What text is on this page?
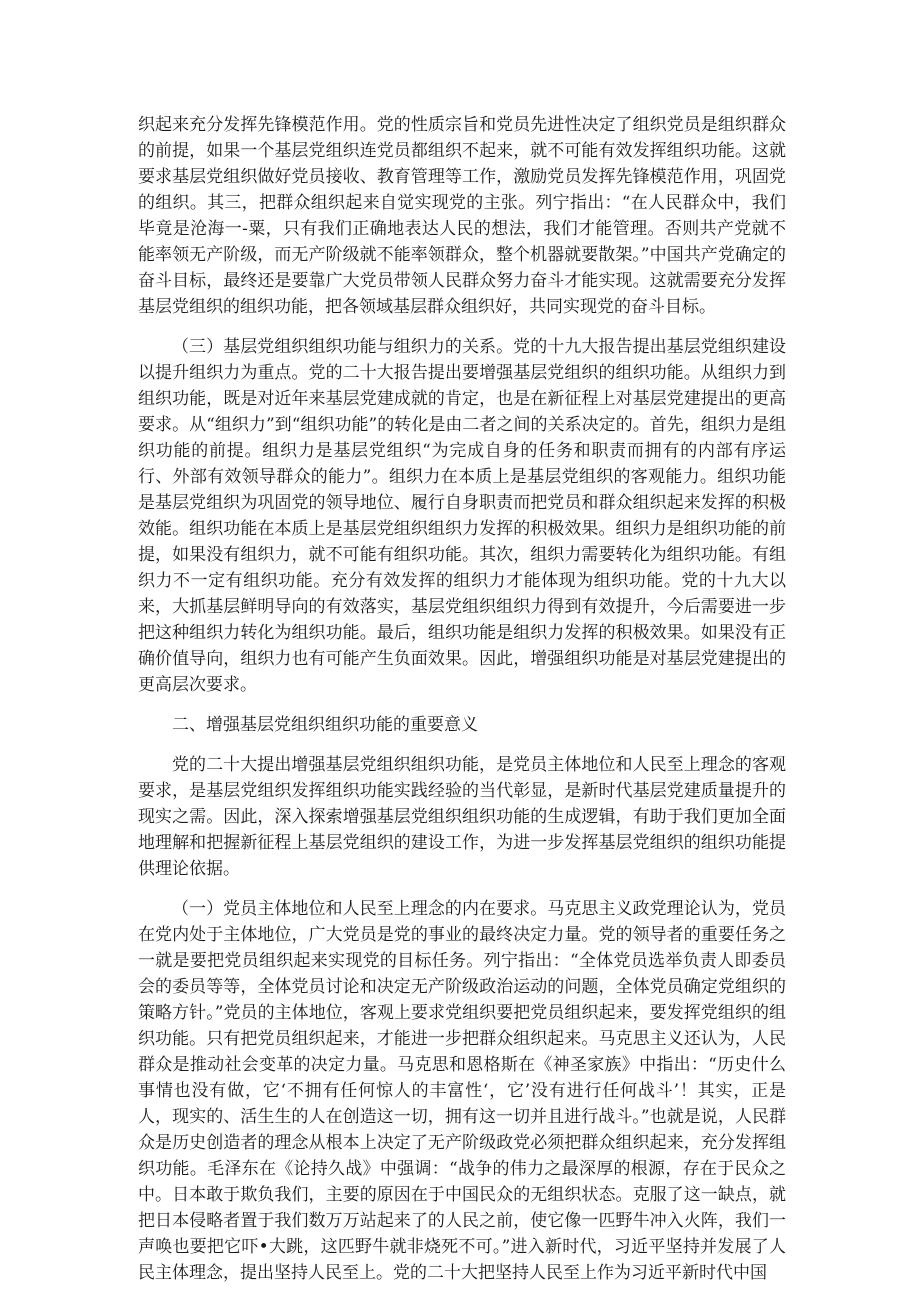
织起来充分发挥先锋模范作用。党的性质宗旨和党员先进性决定了组织党员是组织群众的前提，如果一个基层党组织连党员都组织不起来，就不可能有效发挥组织功能。这就要求基层党组织做好党员接收、教育管理等工作，激励党员发挥先锋模范作用，巩固党的组织。其三，把群众组织起来自觉实现党的主张。列宁指出：“在人民群众中，我们毕竟是沧海一-粟，只有我们正确地表达人民的想法，我们才能管理。否则共产党就不能率领无产阶级，而无产阶级就不能率领群众，整个机器就要散架。”中国共产党确定的奋斗目标，最终还是要靠广大党员带领人民群众努力奋斗才能实现。这就需要充分发挥基层党组织的组织功能，把各领域基层群众组织好，共同实现党的奋斗目标。

（三）基层党组织组织功能与组织力的关系。党的十九大报告提出基层党组织建设以提升组织力为重点。党的二十大报告提出要增强基层党组织的组织功能。从组织力到组织功能，既是对近年来基层党建成就的肯定，也是在新征程上对基层党建提出的更高要求。从“组织力”到“组织功能”的转化是由二者之间的关系决定的。首先，组织力是组织功能的前提。组织力是基层党组织“为完成自身的任务和职责而拥有的内部有序运行、外部有效领导群众的能力”。组织力在本质上是基层党组织的客观能力。组织功能是基层党组织为巩固党的领导地位、履行自身职责而把党员和群众组织起来发挥的积极效能。组织功能在本质上是基层党组织组织力发挥的积极效果。组织力是组织功能的前提，如果没有组织力，就不可能有组织功能。其次，组织力需要转化为组织功能。有组织力不一定有组织功能。充分有效发挥的组织力才能体现为组织功能。党的十九大以来，大抓基层鲜明导向的有效落实，基层党组织组织力得到有效提升，今后需要进一步把这种组织力转化为组织功能。最后，组织功能是组织力发挥的积极效果。如果没有正确价值导向，组织力也有可能产生负面效果。因此，增强组织功能是对基层党建提出的更高层次要求。

二、增强基层党组织组织功能的重要意义

党的二十大提出增强基层党组织组织功能，是党员主体地位和人民至上理念的客观要求，是基层党组织发挥组织功能实践经验的当代彰显，是新时代基层党建质量提升的现实之需。因此，深入探索增强基层党组织组织功能的生成逻辑，有助于我们更加全面地理解和把握新征程上基层党组织的建设工作，为进一步发挥基层党组织的组织功能提供理论依据。

（一）党员主体地位和人民至上理念的内在要求。马克思主义政党理论认为，党员在党内处于主体地位，广大党员是党的事业的最终决定力量。党的领导者的重要任务之一就是要把党员组织起来实现党的目标任务。列宁指出：“全体党员选举负责人即委员会的委员等等，全体党员讨论和决定无产阶级政治运动的问题，全体党员确定党组织的策略方针。”党员的主体地位，客观上要求党组织要把党员组织起来，要发挥党组织的组织功能。只有把党员组织起来，才能进一步把群众组织起来。马克思主义还认为，人民群众是推动社会变革的决定力量。马克思和恩格斯在《神圣家族》中指出：“历史什么事情也没有做，它‘不拥有任何惊人的丰富性‘，它’没有进行任何战斗’！其实，正是人，现实的、活生生的人在创造这一切，拥有这一切并且进行战斗。”也就是说，人民群众是历史创造者的理念从根本上决定了无产阶级政党必须把群众组织起来，充分发挥组织功能。毛泽东在《论持久战》中强调：“战争的伟力之最深厚的根源，存在于民众之中。日本敢于欺负我们，主要的原因在于中国民众的无组织状态。克服了这一缺点，就把日本侵略者置于我们数万万站起来了的人民之前，使它像一匹野牛冲入火阵，我们一声唤也要把它吓•大跳，这匹野牛就非烧死不可。”进入新时代，习近平坚持并发展了人民主体理念，提出坚持人民至上。党的二十大把坚持人民至上作为习近平新时代中国
